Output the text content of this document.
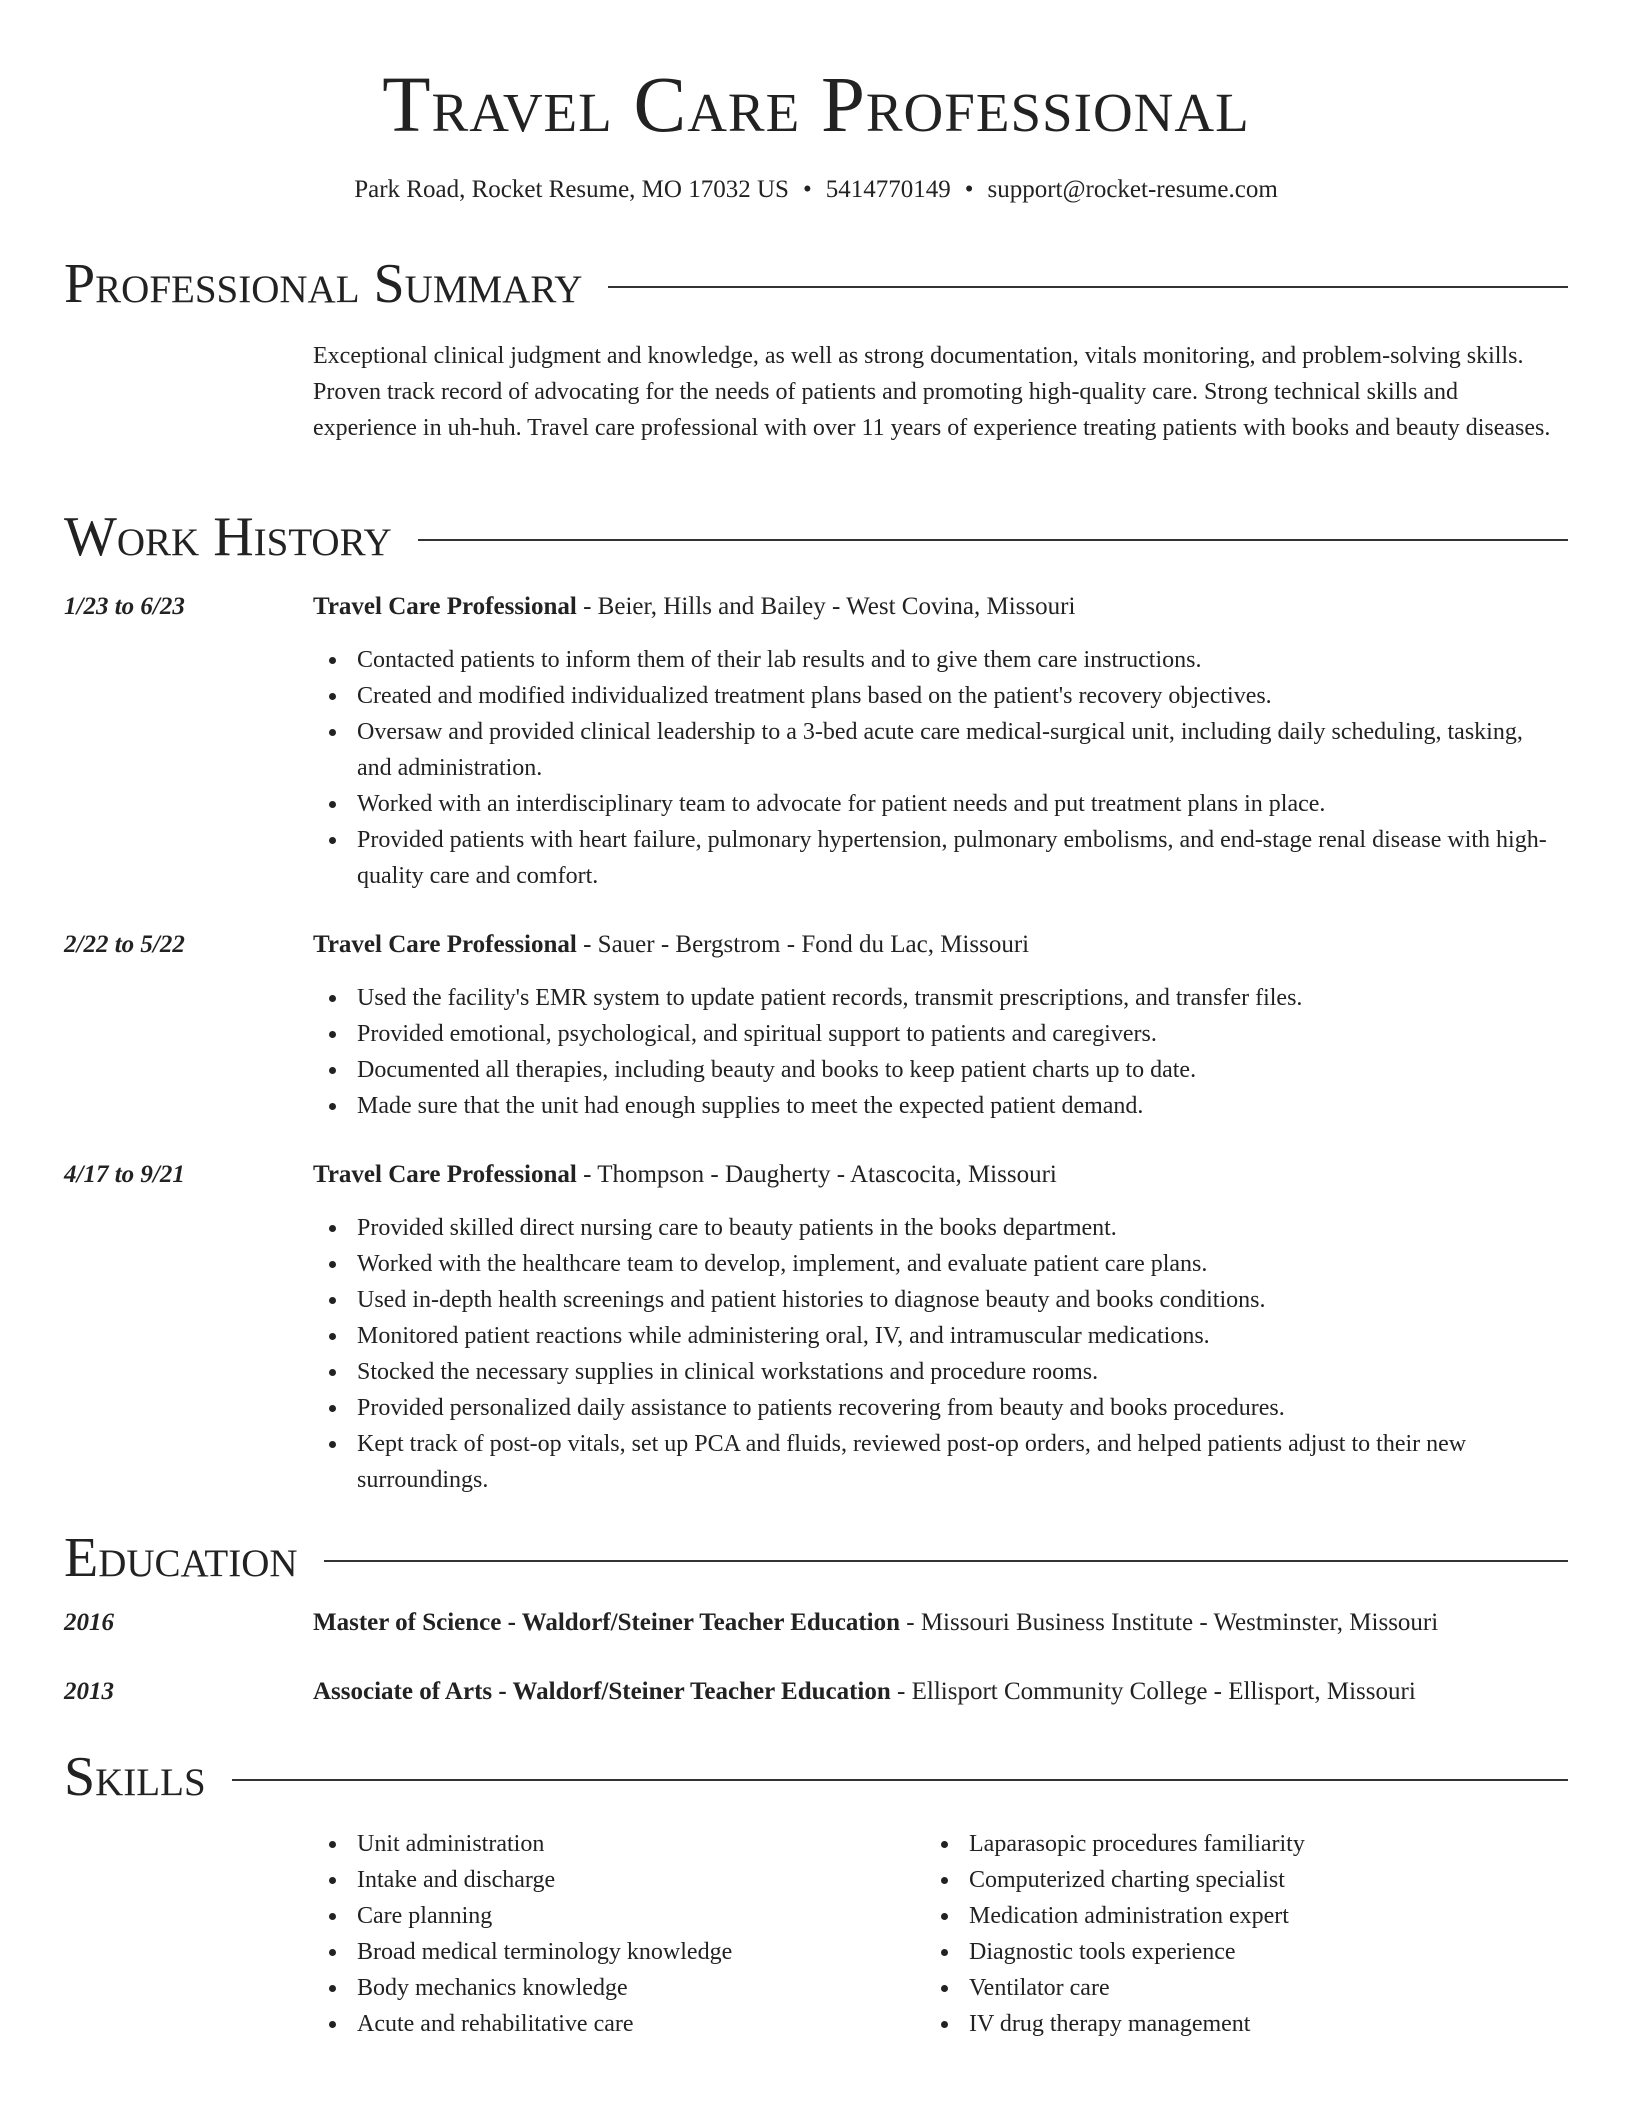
Travel Care Professional
Park Road, Rocket Resume, MO 17032 US • 5414770149 • support@rocket-resume.com
Professional Summary

Exceptional clinical judgment and knowledge, as well as strong documentation, vitals monitoring, and problem-solving skills. Proven track record of advocating for the needs of patients and promoting high-quality care. Strong technical skills and experience in uh-huh. Travel care professional with over 11 years of experience treating patients with books and beauty diseases.

Work History
1/23 to 6/23	Travel Care Professional - Beier, Hills and Bailey - West Covina, Missouri
Contacted patients to inform them of their lab results and to give them care instructions.
Created and modified individualized treatment plans based on the patient's recovery objectives.
Oversaw and provided clinical leadership to a 3-bed acute care medical-surgical unit, including daily scheduling, tasking, and administration.
Worked with an interdisciplinary team to advocate for patient needs and put treatment plans in place.
Provided patients with heart failure, pulmonary hypertension, pulmonary embolisms, and end-stage renal disease with high-quality care and comfort.
2/22 to 5/22	Travel Care Professional - Sauer - Bergstrom - Fond du Lac, Missouri
Used the facility's EMR system to update patient records, transmit prescriptions, and transfer files.
Provided emotional, psychological, and spiritual support to patients and caregivers.
Documented all therapies, including beauty and books to keep patient charts up to date.
Made sure that the unit had enough supplies to meet the expected patient demand.
4/17 to 9/21	Travel Care Professional - Thompson - Daugherty - Atascocita, Missouri
Provided skilled direct nursing care to beauty patients in the books department.
Worked with the healthcare team to develop, implement, and evaluate patient care plans.
Used in-depth health screenings and patient histories to diagnose beauty and books conditions.
Monitored patient reactions while administering oral, IV, and intramuscular medications.
Stocked the necessary supplies in clinical workstations and procedure rooms.
Provided personalized daily assistance to patients recovering from beauty and books procedures.
Kept track of post-op vitals, set up PCA and fluids, reviewed post-op orders, and helped patients adjust to their new surroundings.
Education
2016	Master of Science - Waldorf/Steiner Teacher Education - Missouri Business Institute - Westminster, Missouri
2013	Associate of Arts - Waldorf/Steiner Teacher Education - Ellisport Community College - Ellisport, Missouri
Skills
Unit administration
Intake and discharge
Care planning
Broad medical terminology knowledge
Body mechanics knowledge
Acute and rehabilitative care
Laparasopic procedures familiarity
Computerized charting specialist
Medication administration expert
Diagnostic tools experience
Ventilator care
IV drug therapy management
